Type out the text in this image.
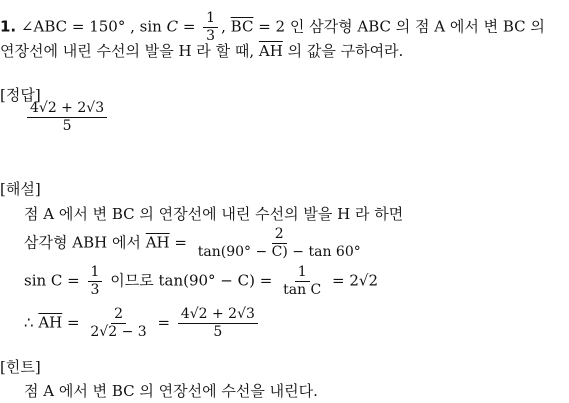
1. ∠ABC = 150° , $\sin C = \frac{1}{3}$ , $\overline{BC} = 2$ 인 삼각형 ABC 의 점 A 에서 변 BC 의
연장선에 내린 수선의 발을 H 라 할 때, $\overline{AH}$ 의 값을 구하여라.
[정답]
$\frac{4√2 + 2√3}{5}$
[해설]
점 A 에서 변 BC 의 연장선에 내린 수선의 발을 H 라 하면
삼각형 ABH 에서 $\overline{AH} = \frac{2}{\tan(90^\circ - C) - \tan 60^\circ}$
$\sin C = \frac{1}{3}$ 이므로 $\tan(90^\circ - C) = \frac{1}{\text{tan C}} = 2√2$
∴ $\overline{AH} = \frac{2}{2√2 - 3} = \frac{4√2 + 2√3}{5}$
[힌트]
점 A 에서 변 BC 의 연장선에 수선을 내린다.
